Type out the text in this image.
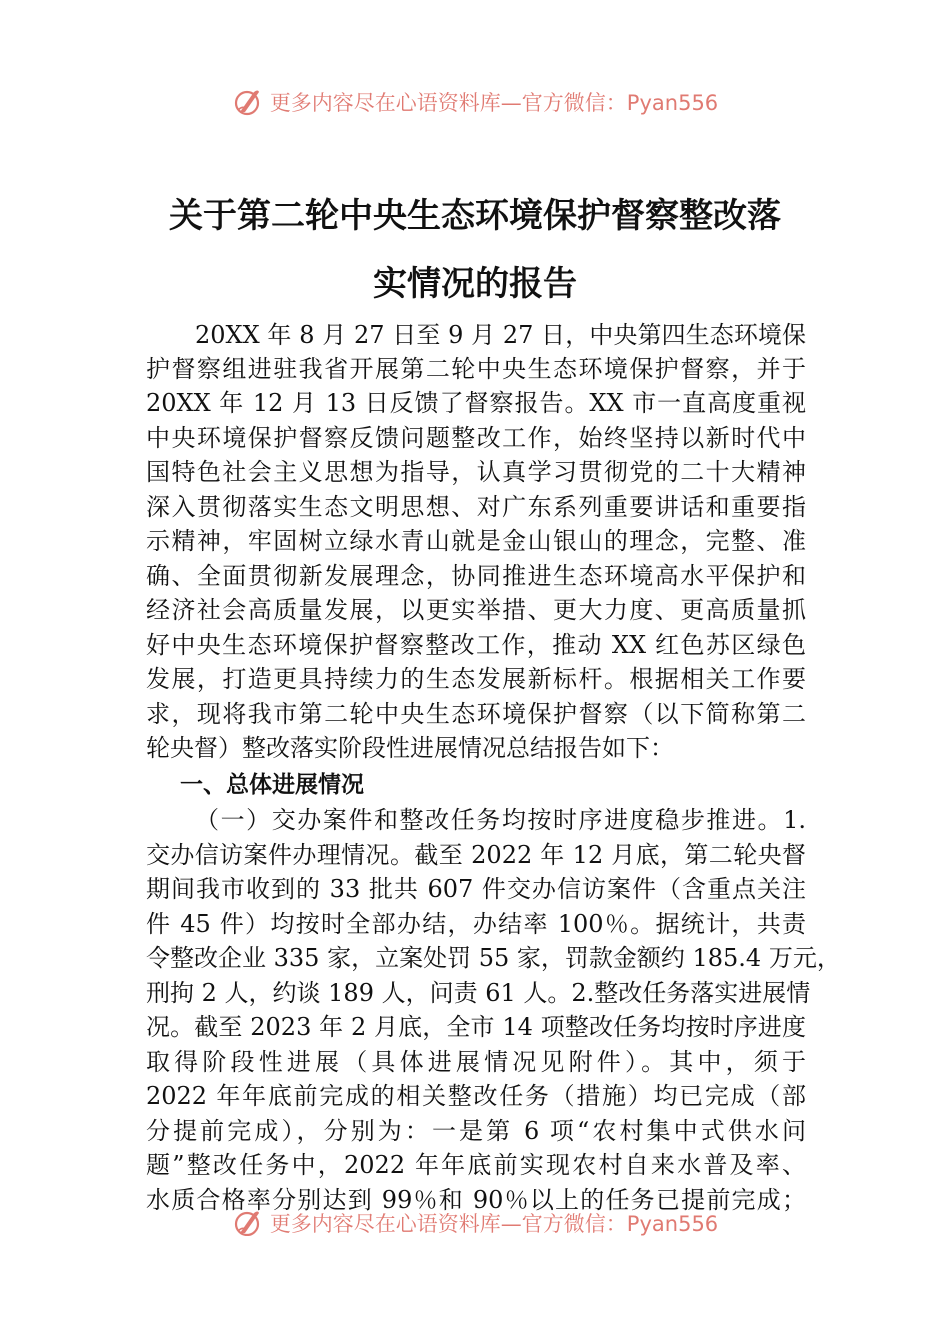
更多内容尽在心语资料库—官方微信：Pyan556
关于第二轮中央生态环境保护督察整改落
实情况的报告
20XX 年 8 月 27 日至 9 月 27 日，中央第四生态环境保
护督察组进驻我省开展第二轮中央生态环境保护督察，并于
20XX 年 12 月 13 日反馈了督察报告。XX 市一直高度重视
中央环境保护督察反馈问题整改工作，始终坚持以新时代中
国特色社会主义思想为指导，认真学习贯彻党的二十大精神
深入贯彻落实生态文明思想、对广东系列重要讲话和重要指
示精神，牢固树立绿水青山就是金山银山的理念，完整、准
确、全面贯彻新发展理念，协同推进生态环境高水平保护和
经济社会高质量发展，以更实举措、更大力度、更高质量抓
好中央生态环境保护督察整改工作，推动 XX 红色苏区绿色
发展，打造更具持续力的生态发展新标杆。根据相关工作要
求，现将我市第二轮中央生态环境保护督察（以下简称第二
轮央督）整改落实阶段性进展情况总结报告如下：
一、总体进展情况
（一）交办案件和整改任务均按时序进度稳步推进。1.
交办信访案件办理情况。截至 2022 年 12 月底，第二轮央督
期间我市收到的 33 批共 607 件交办信访案件（含重点关注
件 45 件）均按时全部办结，办结率 100％。据统计，共责
令整改企业 335 家，立案处罚 55 家，罚款金额约 185.4 万元，
刑拘 2 人，约谈 189 人，问责 61 人。2.整改任务落实进展情
况。截至 2023 年 2 月底，全市 14 项整改任务均按时序进度
取得阶段性进展（具体进展情况见附件）。其中，须于
2022 年年底前完成的相关整改任务（措施）均已完成（部
分提前完成），分别为：一是第 6 项“农村集中式供水问
题”整改任务中，2022 年年底前实现农村自来水普及率、
水质合格率分别达到 99％和 90％以上的任务已提前完成；
更多内容尽在心语资料库—官方微信：Pyan556
